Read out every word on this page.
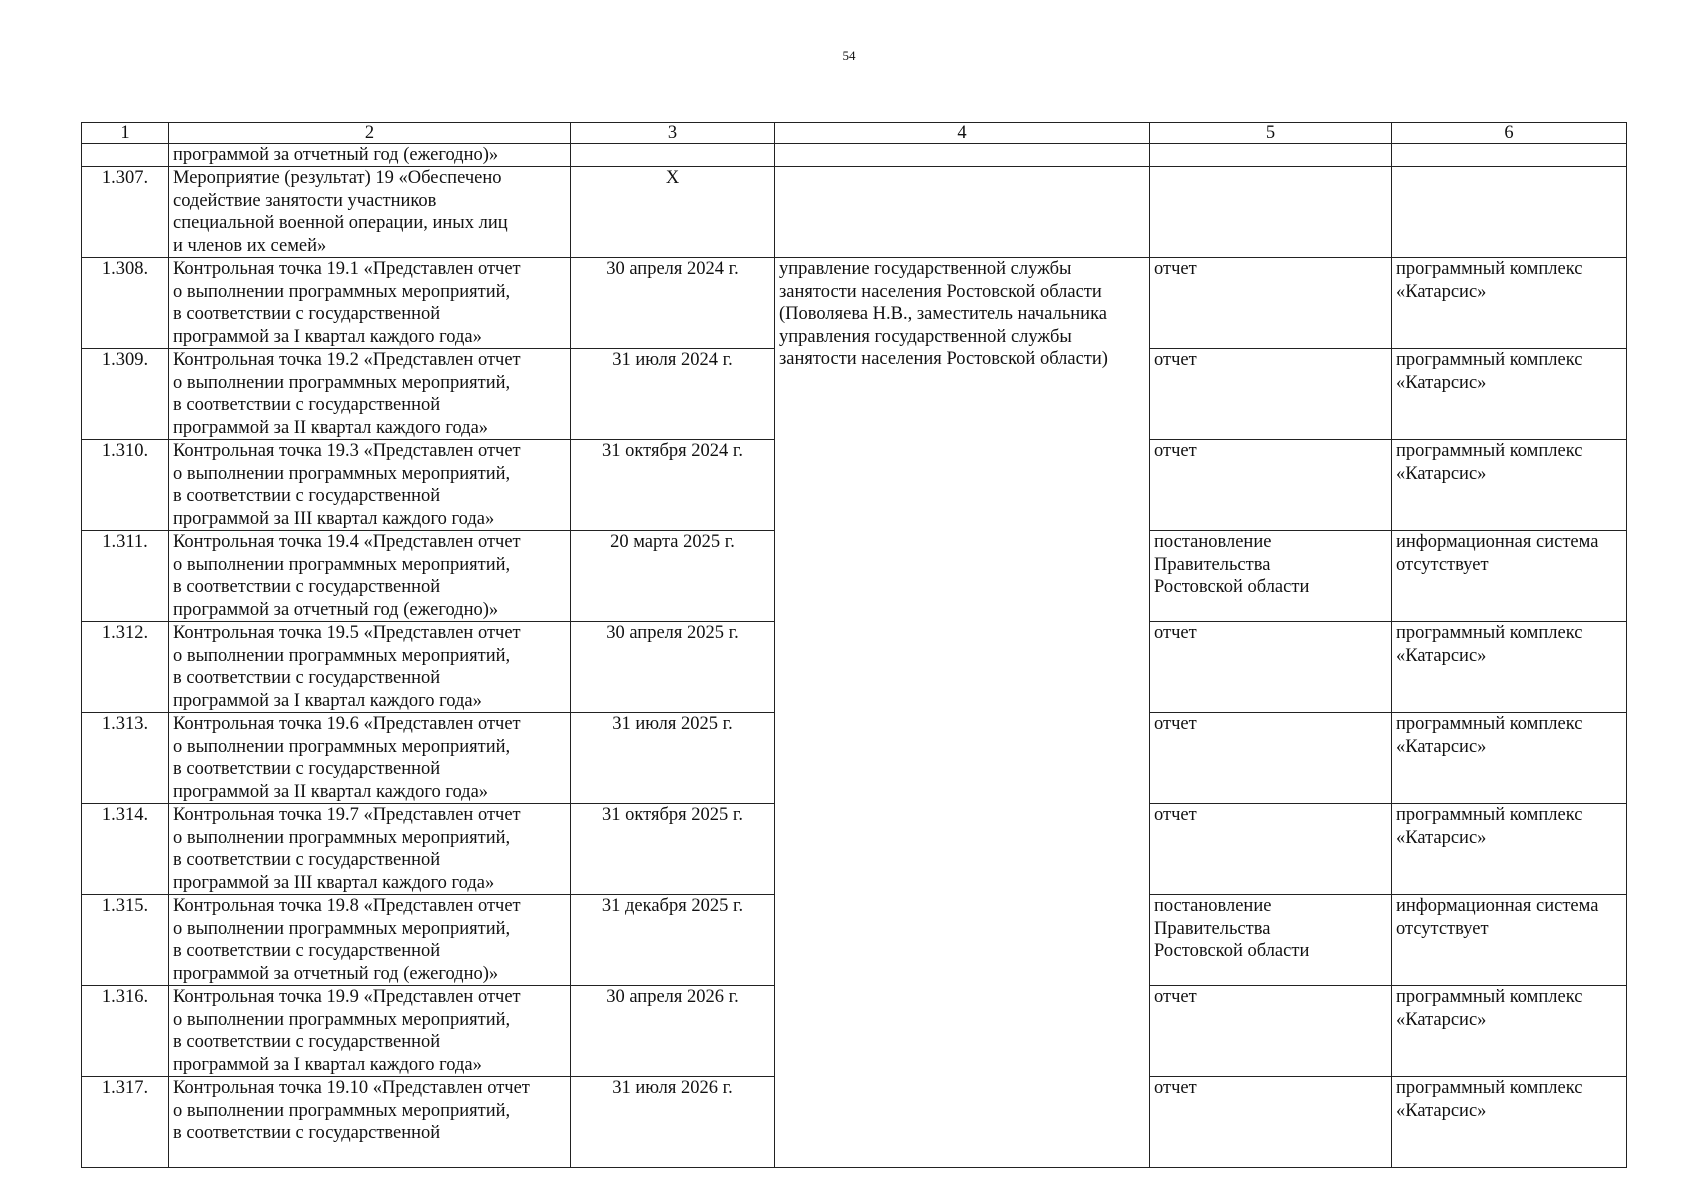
54
1	2	3	4	5	6
	программой за отчетный год (ежегодно)»				
1.307.	Мероприятие (результат) 19 «Обеспечено
содействие занятости участников
специальной военной операции, иных лиц
и членов их семей»	X			
1.308.	Контрольная точка 19.1 «Представлен отчет
о выполнении программных мероприятий,
в соответствии с государственной
программой за I квартал каждого года»	30 апреля 2024 г.	управление государственной службы
занятости населения Ростовской области
(Поволяева Н.В., заместитель начальника
управления государственной службы
занятости населения Ростовской области)	отчет	программный комплекс
«Катарсис»
1.309.	Контрольная точка 19.2 «Представлен отчет
о выполнении программных мероприятий,
в соответствии с государственной
программой за II квартал каждого года»	31 июля 2024 г.		отчет	программный комплекс
«Катарсис»
1.310.	Контрольная точка 19.3 «Представлен отчет
о выполнении программных мероприятий,
в соответствии с государственной
программой за III квартал каждого года»	31 октября 2024 г.		отчет	программный комплекс
«Катарсис»
1.311.	Контрольная точка 19.4 «Представлен отчет
о выполнении программных мероприятий,
в соответствии с государственной
программой за отчетный год (ежегодно)»	20 марта 2025 г.		постановление
Правительства
Ростовской области	информационная система
отсутствует
1.312.	Контрольная точка 19.5 «Представлен отчет
о выполнении программных мероприятий,
в соответствии с государственной
программой за I квартал каждого года»	30 апреля 2025 г.		отчет	программный комплекс
«Катарсис»
1.313.	Контрольная точка 19.6 «Представлен отчет
о выполнении программных мероприятий,
в соответствии с государственной
программой за II квартал каждого года»	31 июля 2025 г.		отчет	программный комплекс
«Катарсис»
1.314.	Контрольная точка 19.7 «Представлен отчет
о выполнении программных мероприятий,
в соответствии с государственной
программой за III квартал каждого года»	31 октября 2025 г.		отчет	программный комплекс
«Катарсис»
1.315.	Контрольная точка 19.8 «Представлен отчет
о выполнении программных мероприятий,
в соответствии с государственной
программой за отчетный год (ежегодно)»	31 декабря 2025 г.		постановление
Правительства
Ростовской области	информационная система
отсутствует
1.316.	Контрольная точка 19.9 «Представлен отчет
о выполнении программных мероприятий,
в соответствии с государственной
программой за I квартал каждого года»	30 апреля 2026 г.		отчет	программный комплекс
«Катарсис»
1.317.	Контрольная точка 19.10 «Представлен отчет
о выполнении программных мероприятий,
в соответствии с государственной	31 июля 2026 г.		отчет	программный комплекс
«Катарсис»
